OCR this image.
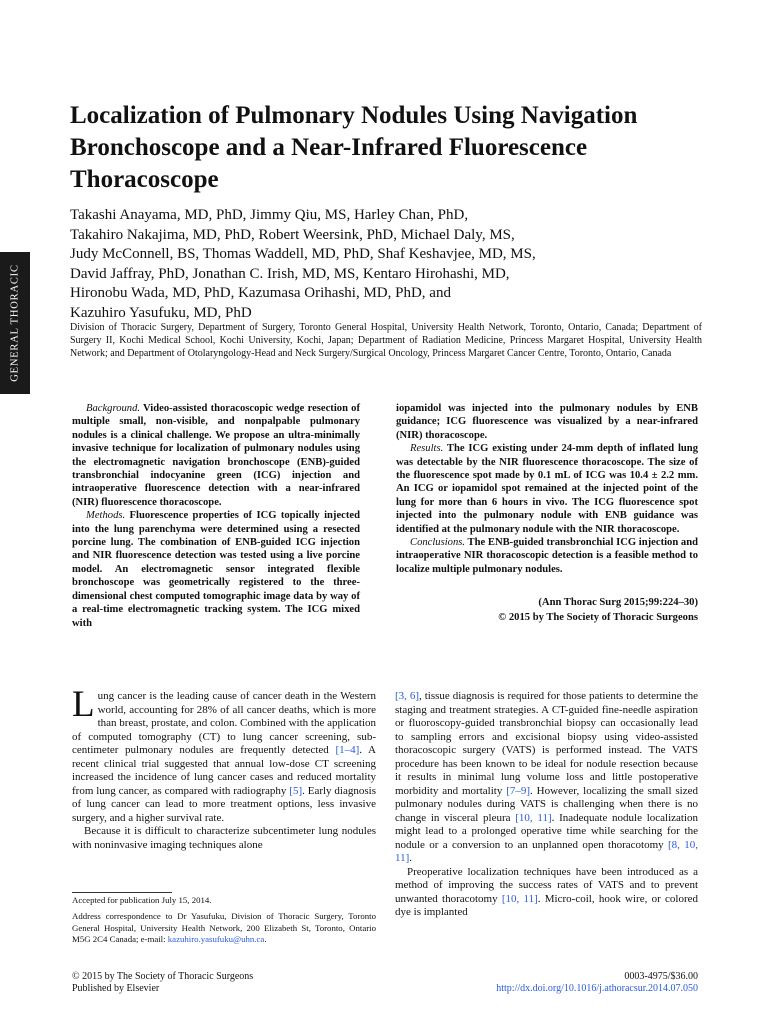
GENERAL THORACIC
Localization of Pulmonary Nodules Using Navigation Bronchoscope and a Near-Infrared Fluorescence Thoracoscope
Takashi Anayama, MD, PhD, Jimmy Qiu, MS, Harley Chan, PhD,
Takahiro Nakajima, MD, PhD, Robert Weersink, PhD, Michael Daly, MS,
Judy McConnell, BS, Thomas Waddell, MD, PhD, Shaf Keshavjee, MD, MS,
David Jaffray, PhD, Jonathan C. Irish, MD, MS, Kentaro Hirohashi, MD,
Hironobu Wada, MD, PhD, Kazumasa Orihashi, MD, PhD, and
Kazuhiro Yasufuku, MD, PhD
Division of Thoracic Surgery, Department of Surgery, Toronto General Hospital, University Health Network, Toronto, Ontario, Canada; Department of Surgery II, Kochi Medical School, Kochi University, Kochi, Japan; Department of Radiation Medicine, Princess Margaret Hospital, University Health Network; and Department of Otolaryngology-Head and Neck Surgery/Surgical Oncology, Princess Margaret Cancer Centre, Toronto, Ontario, Canada

Background. Video-assisted thoracoscopic wedge resection of multiple small, non-visible, and nonpalpable pulmonary nodules is a clinical challenge. We propose an ultra-minimally invasive technique for localization of pulmonary nodules using the electromagnetic navigation bronchoscope (ENB)-guided transbronchial indocyanine green (ICG) injection and intraoperative fluorescence detection with a near-infrared (NIR) fluorescence thoracoscope.

Methods. Fluorescence properties of ICG topically injected into the lung parenchyma were determined using a resected porcine lung. The combination of ENB-guided ICG injection and NIR fluorescence detection was tested using a live porcine model. An electromagnetic sensor integrated flexible bronchoscope was geometrically registered to the three-dimensional chest computed tomographic image data by way of a real-time electromagnetic tracking system. The ICG mixed with

iopamidol was injected into the pulmonary nodules by ENB guidance; ICG fluorescence was visualized by a near-infrared (NIR) thoracoscope.

Results. The ICG existing under 24-mm depth of inflated lung was detectable by the NIR fluorescence thoracoscope. The size of the fluorescence spot made by 0.1 mL of ICG was 10.4 ± 2.2 mm. An ICG or iopamidol spot remained at the injected point of the lung for more than 6 hours in vivo. The ICG fluorescence spot injected into the pulmonary nodule with ENB guidance was identified at the pulmonary nodule with the NIR thoracoscope.

Conclusions. The ENB-guided transbronchial ICG injection and intraoperative NIR thoracoscopic detection is a feasible method to localize multiple pulmonary nodules.

(Ann Thorac Surg 2015;99:224–30)
© 2015 by The Society of Thoracic Surgeons

Lung cancer is the leading cause of cancer death in the Western world, accounting for 28% of all cancer deaths, which is more than breast, prostate, and colon. Combined with the application of computed tomography (CT) to lung cancer screening, sub-centimeter pulmonary nodules are frequently detected [1–4]. A recent clinical trial suggested that annual low-dose CT screening increased the incidence of lung cancer cases and reduced mortality from lung cancer, as compared with radiography [5]. Early diagnosis of lung cancer can lead to more treatment options, less invasive surgery, and a higher survival rate.

Because it is difficult to characterize subcentimeter lung nodules with noninvasive imaging techniques alone

[3, 6], tissue diagnosis is required for those patients to determine the staging and treatment strategies. A CT-guided fine-needle aspiration or fluoroscopy-guided transbronchial biopsy can occasionally lead to sampling errors and excisional biopsy using video-assisted thoracoscopic surgery (VATS) is performed instead. The VATS procedure has been known to be ideal for nodule resection because it results in minimal lung volume loss and little postoperative morbidity and mortality [7–9]. However, localizing the small sized pulmonary nodules during VATS is challenging when there is no change in visceral pleura [10, 11]. Inadequate nodule localization might lead to a prolonged operative time while searching for the nodule or a conversion to an unplanned open thoracotomy [8, 10, 11].

Preoperative localization techniques have been introduced as a method of improving the success rates of VATS and to prevent unwanted thoracotomy [10, 11]. Micro-coil, hook wire, or colored dye is implanted

Accepted for publication July 15, 2014.
Address correspondence to Dr Yasufuku, Division of Thoracic Surgery, Toronto General Hospital, University Health Network, 200 Elizabeth St, Toronto, Ontario M5G 2C4 Canada; e-mail: kazuhiro.yasufuku@uhn.ca.
© 2015 by The Society of Thoracic Surgeons
Published by Elsevier
0003-4975/$36.00
http://dx.doi.org/10.1016/j.athoracsur.2014.07.050
